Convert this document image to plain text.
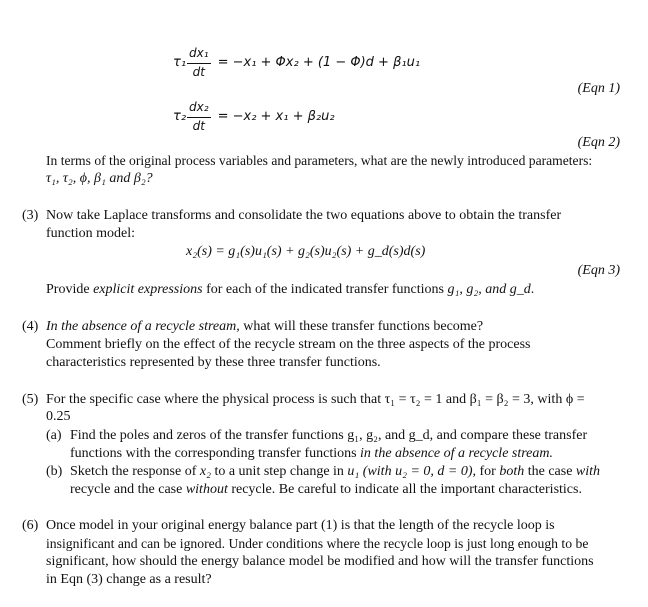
$\tau_1 \frac{\text{dx₁}}{dt} = -x_1 + \Phi x_2 + (1 - \Phi)d + \beta_1u_1$
(Eqn 1)
$\tau_2 \frac{\text{dx₂}}{dt} = -x_2 + x_1 + \beta_2u_2$
(Eqn 2)
In terms of the original process variables and parameters, what are the newly introduced parameters:
τ₁, τ₂, ϕ, β₁ and β₂?
(3) Now take Laplace transforms and consolidate the two equations above to obtain the transfer
function model:
x₂(s) = g₁(s)u₁(s) + g₂(s)u₂(s) + g_d(s)d(s)
(Eqn 3)
Provide explicit expressions for each of the indicated transfer functions g₁, g₂, and g_d.
(4) In the absence of a recycle stream, what will these transfer functions become?
Comment briefly on the effect of the recycle stream on the three aspects of the process
characteristics represented by these three transfer functions.
(5) For the specific case where the physical process is such that τ₁ = τ₂ = 1 and β₁ = β₂ = 3, with ϕ =
0.25
(a) Find the poles and zeros of the transfer functions g₁, g₂, and g_d, and compare these transfer
functions with the corresponding transfer functions in the absence of a recycle stream.
(b) Sketch the response of x₂ to a unit step change in u₁ (with u₂ = 0, d = 0), for both the case with
recycle and the case without recycle. Be careful to indicate all the important characteristics.
(6) Once model in your original energy balance part (1) is that the length of the recycle loop is
insignificant and can be ignored. Under conditions where the recycle loop is just long enough to be
significant, how should the energy balance model be modified and how will the transfer functions
in Eqn (3) change as a result?
